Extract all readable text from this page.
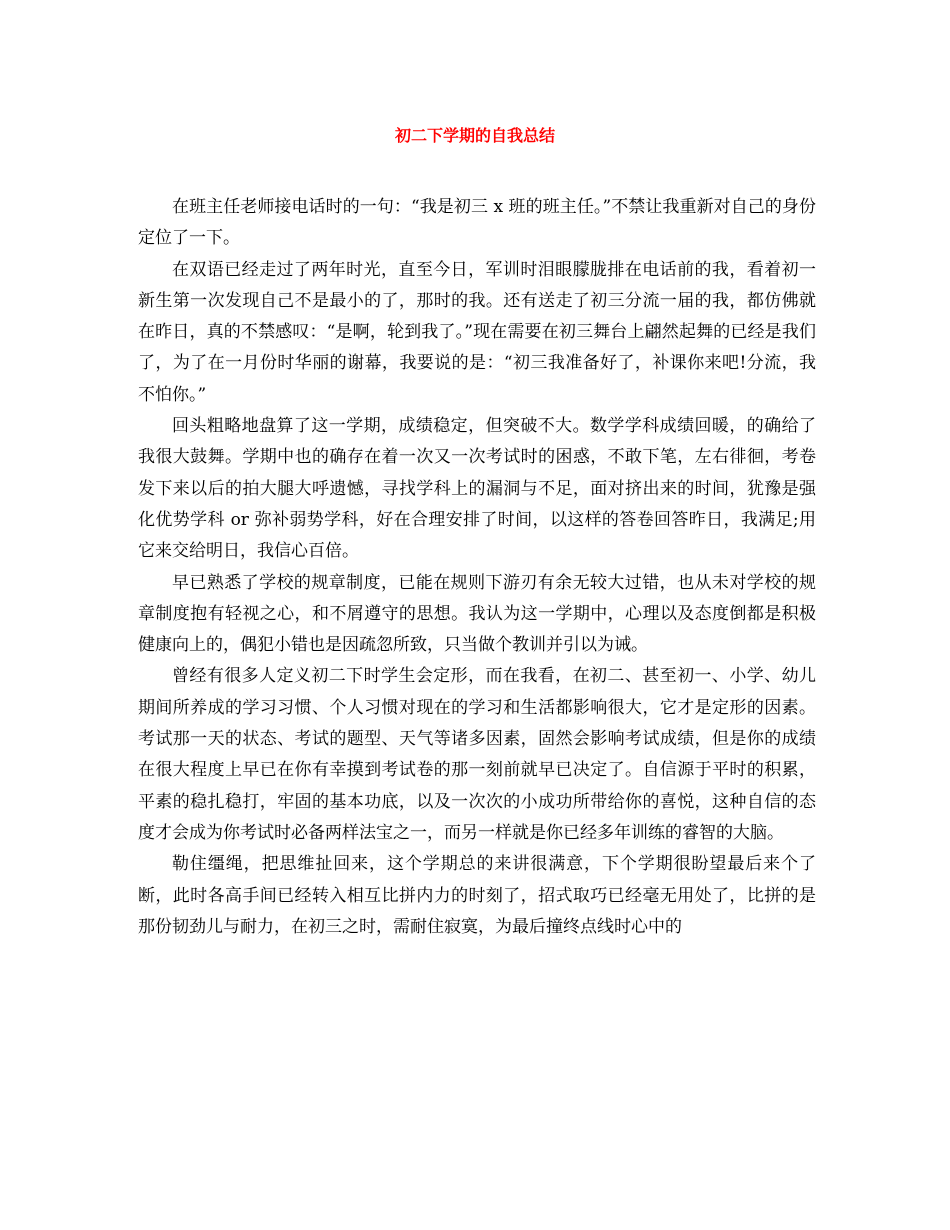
初二下学期的自我总结

在班主任老师接电话时的一句：“我是初三 x 班的班主任。”不禁让我重新对自己的身份定位了一下。

在双语已经走过了两年时光，直至今日，军训时泪眼朦胧排在电话前的我，看着初一新生第一次发现自己不是最小的了，那时的我。还有送走了初三分流一届的我，都仿佛就在昨日，真的不禁感叹：“是啊，轮到我了。”现在需要在初三舞台上翩然起舞的已经是我们了，为了在一月份时华丽的谢幕，我要说的是：“初三我准备好了，补课你来吧!分流，我不怕你。”

回头粗略地盘算了这一学期，成绩稳定，但突破不大。数学学科成绩回暖，的确给了我很大鼓舞。学期中也的确存在着一次又一次考试时的困惑，不敢下笔，左右徘徊，考卷发下来以后的拍大腿大呼遗憾，寻找学科上的漏洞与不足，面对挤出来的时间，犹豫是强化优势学科 or 弥补弱势学科，好在合理安排了时间，以这样的答卷回答昨日，我满足;用它来交给明日，我信心百倍。

早已熟悉了学校的规章制度，已能在规则下游刃有余无较大过错，也从未对学校的规章制度抱有轻视之心，和不屑遵守的思想。我认为这一学期中，心理以及态度倒都是积极健康向上的，偶犯小错也是因疏忽所致，只当做个教训并引以为诫。

曾经有很多人定义初二下时学生会定形，而在我看，在初二、甚至初一、小学、幼儿期间所养成的学习习惯、个人习惯对现在的学习和生活都影响很大，它才是定形的因素。考试那一天的状态、考试的题型、天气等诸多因素，固然会影响考试成绩，但是你的成绩在很大程度上早已在你有幸摸到考试卷的那一刻前就早已决定了。自信源于平时的积累，平素的稳扎稳打，牢固的基本功底，以及一次次的小成功所带给你的喜悦，这种自信的态度才会成为你考试时必备两样法宝之一，而另一样就是你已经多年训练的睿智的大脑。

勒住缰绳，把思维扯回来，这个学期总的来讲很满意，下个学期很盼望最后来个了断，此时各高手间已经转入相互比拼内力的时刻了，招式取巧已经毫无用处了，比拼的是那份韧劲儿与耐力，在初三之时，需耐住寂寞，为最后撞终点线时心中的
